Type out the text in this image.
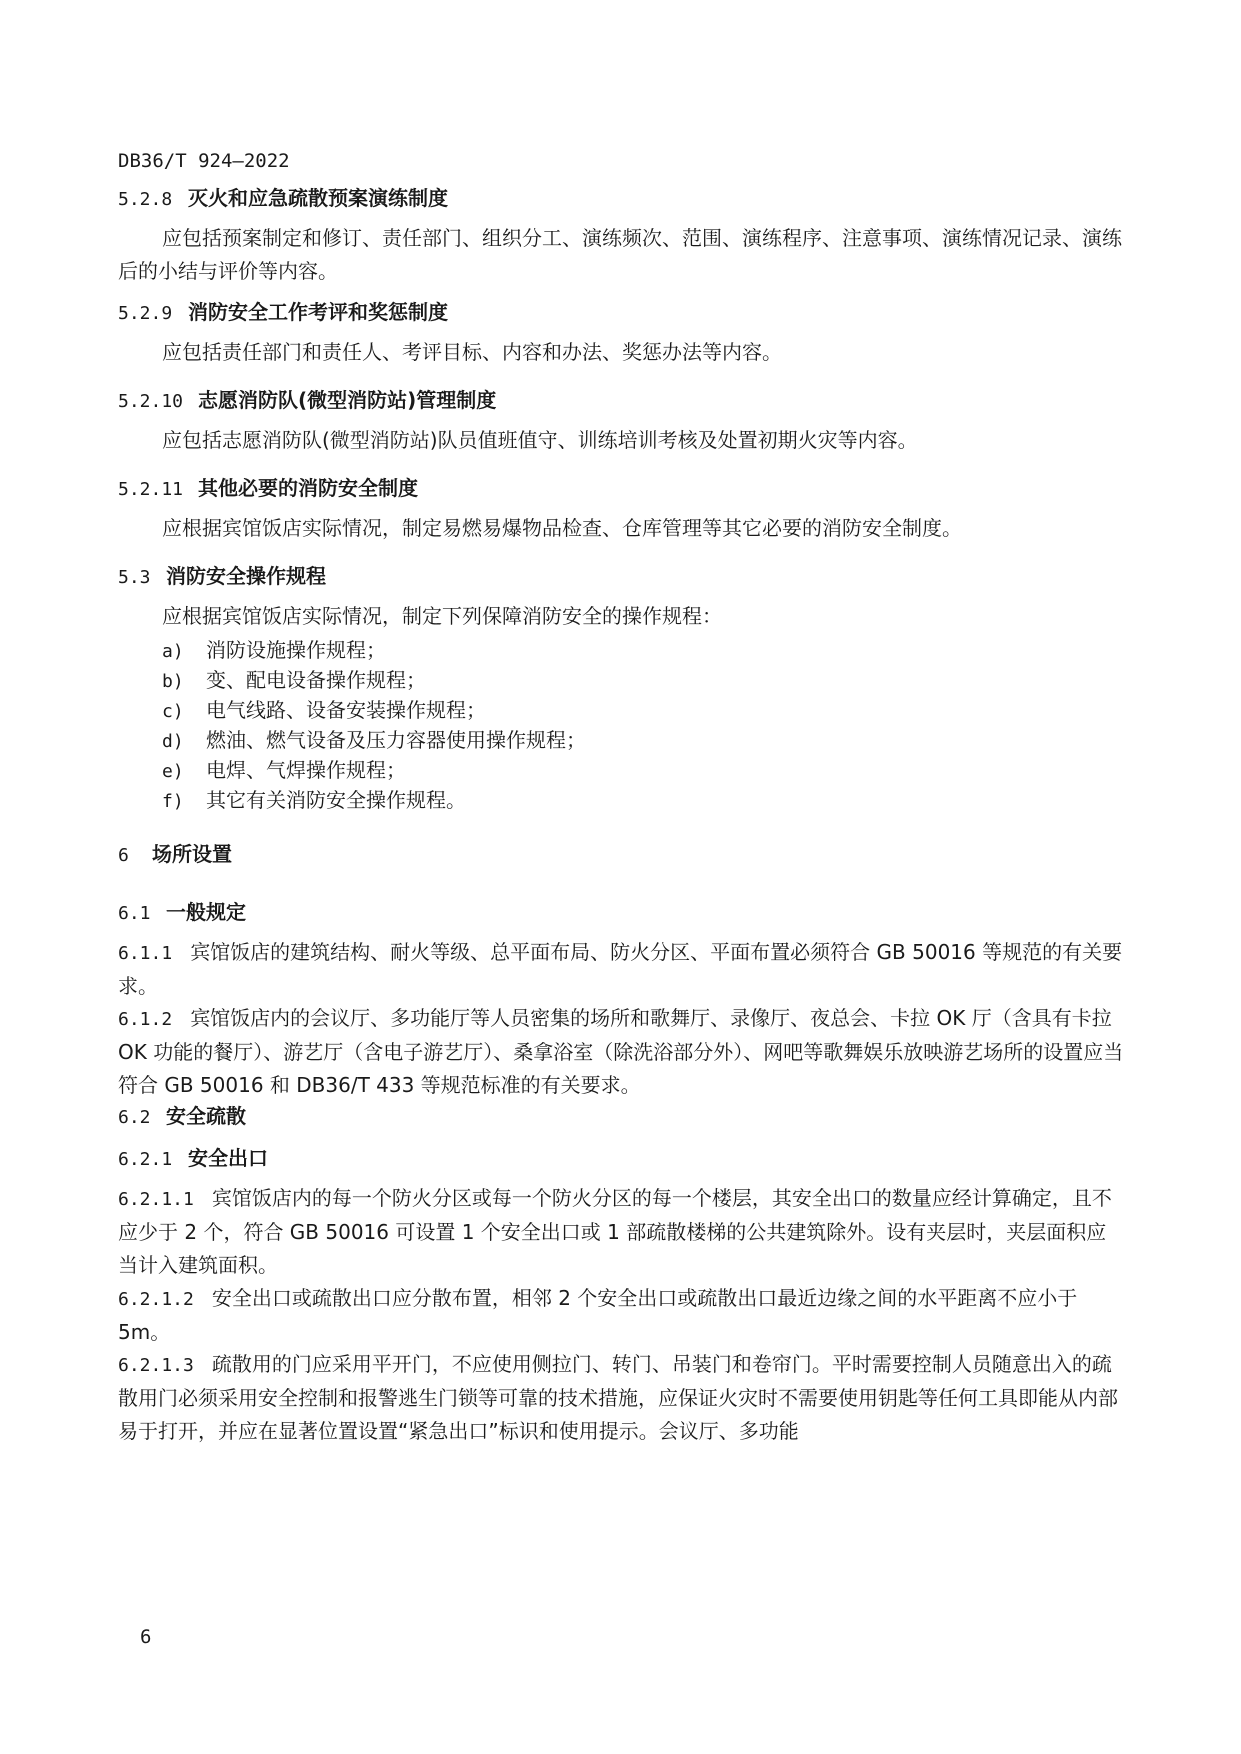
DB36/T 924—2022
5.2.8 灭火和应急疏散预案演练制度
应包括预案制定和修订、责任部门、组织分工、演练频次、范围、演练程序、注意事项、演练情况记录、演练后的小结与评价等内容。
5.2.9 消防安全工作考评和奖惩制度
应包括责任部门和责任人、考评目标、内容和办法、奖惩办法等内容。
5.2.10 志愿消防队(微型消防站)管理制度
应包括志愿消防队(微型消防站)队员值班值守、训练培训考核及处置初期火灾等内容。
5.2.11 其他必要的消防安全制度
应根据宾馆饭店实际情况，制定易燃易爆物品检查、仓库管理等其它必要的消防安全制度。
5.3 消防安全操作规程
应根据宾馆饭店实际情况，制定下列保障消防安全的操作规程：
a) 消防设施操作规程；
b) 变、配电设备操作规程；
c) 电气线路、设备安装操作规程；
d) 燃油、燃气设备及压力容器使用操作规程；
e) 电焊、气焊操作规程；
f) 其它有关消防安全操作规程。
6 场所设置
6.1 一般规定
6.1.1 宾馆饭店的建筑结构、耐火等级、总平面布局、防火分区、平面布置必须符合 GB 50016 等规范的有关要求。
6.1.2 宾馆饭店内的会议厅、多功能厅等人员密集的场所和歌舞厅、录像厅、夜总会、卡拉 OK 厅（含具有卡拉 OK 功能的餐厅）、游艺厅（含电子游艺厅）、桑拿浴室（除洗浴部分外）、网吧等歌舞娱乐放映游艺场所的设置应当符合 GB 50016 和 DB36/T 433 等规范标准的有关要求。
6.2 安全疏散
6.2.1 安全出口
6.2.1.1 宾馆饭店内的每一个防火分区或每一个防火分区的每一个楼层，其安全出口的数量应经计算确定，且不应少于 2 个，符合 GB 50016 可设置 1 个安全出口或 1 部疏散楼梯的公共建筑除外。设有夹层时，夹层面积应当计入建筑面积。
6.2.1.2 安全出口或疏散出口应分散布置，相邻 2 个安全出口或疏散出口最近边缘之间的水平距离不应小于 5m。
6.2.1.3 疏散用的门应采用平开门，不应使用侧拉门、转门、吊装门和卷帘门。平时需要控制人员随意出入的疏散用门必须采用安全控制和报警逃生门锁等可靠的技术措施，应保证火灾时不需要使用钥匙等任何工具即能从内部易于打开，并应在显著位置设置“紧急出口”标识和使用提示。会议厅、多功能
6
